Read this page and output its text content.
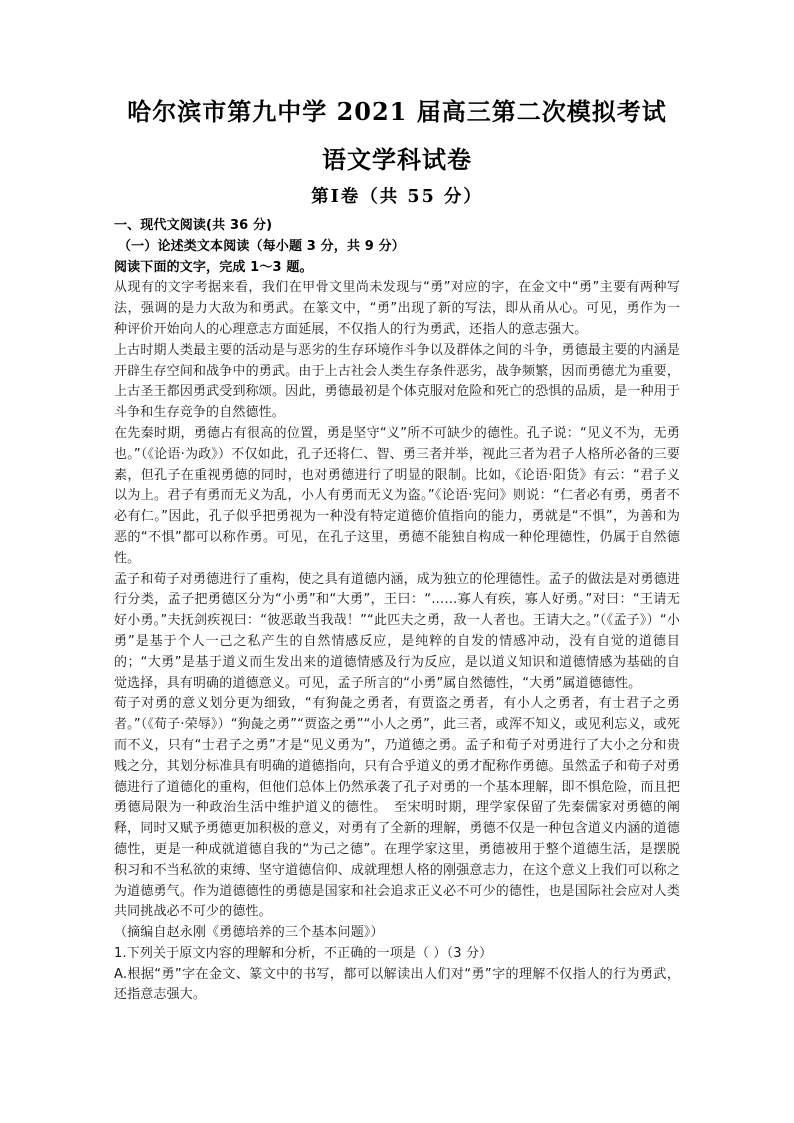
哈尔滨市第九中学 2021 届高三第二次模拟考试
语文学科试卷
第Ⅰ卷（共 55 分）

一、现代文阅读(共 36 分)

（一）论述类文本阅读（每小题 3 分，共 9 分）

阅读下面的文字，完成 1～3 题。

从现有的文字考据来看，我们在甲骨文里尚未发现与“勇”对应的字，在金文中“勇”主要有两种写法，强调的是力大敌为和勇武。在篆文中，“勇”出现了新的写法，即从甬从心。可见，勇作为一种评价开始向人的心理意志方面延展，不仅指人的行为勇武，还指人的意志强大。

上古时期人类最主要的活动是与恶劣的生存环境作斗争以及群体之间的斗争，勇德最主要的内涵是开辟生存空间和战争中的勇武。由于上古社会人类生存条件恶劣，战争频繁，因而勇德尤为重要，上古圣王都因勇武受到称颂。因此，勇德最初是个体克服对危险和死亡的恐惧的品质，是一种用于斗争和生存竞争的自然德性。

在先秦时期，勇德占有很高的位置，勇是坚守“义”所不可缺少的德性。孔子说：“见义不为，无勇也。”（《论语·为政》）不仅如此，孔子还将仁、智、勇三者并举，视此三者为君子人格所必备的三要素，但孔子在重视勇德的同时，也对勇德进行了明显的限制。比如，《论语·阳货》有云：“君子义以为上。君子有勇而无义为乱，小人有勇而无义为盗。”《论语·宪问》则说：“仁者必有勇，勇者不必有仁。”因此，孔子似乎把勇视为一种没有特定道德价值指向的能力，勇就是“不惧”，为善和为恶的“不惧”都可以称作勇。可见，在孔子这里，勇德不能独自构成一种伦理德性，仍属于自然德性。

孟子和荀子对勇德进行了重构，使之具有道德内涵，成为独立的伦理德性。孟子的做法是对勇德进行分类，孟子把勇德区分为“小勇”和“大勇”，王曰：“……寡人有疾，寡人好勇。”对曰：“王请无好小勇。”夫抚剑疾视曰：“彼恶敢当我哉！”“此匹夫之勇，敌一人者也。王请大之。”（《孟子》）“小勇”是基于个人一己之私产生的自然情感反应，是纯粹的自发的情感冲动，没有自觉的道德目的；“大勇”是基于道义而生发出来的道德情感及行为反应，是以道义知识和道德情感为基础的自觉选择，具有明确的道德意义。可见，孟子所言的“小勇”属自然德性，“大勇”属道德德性。

荀子对勇的意义划分更为细致，“有狗彘之勇者，有贾盗之勇者，有小人之勇者，有士君子之勇者。”（《荀子·荣辱》）“狗彘之勇”“贾盗之勇”“小人之勇”，此三者，或浑不知义，或见利忘义，或死而不义，只有“士君子之勇”才是“见义勇为”，乃道德之勇。孟子和荀子对勇进行了大小之分和贵贱之分，其划分标准具有明确的道德指向，只有合乎道义的勇才配称作勇德。虽然孟子和荀子对勇德进行了道德化的重构，但他们总体上仍然承袭了孔子对勇的一个基本理解，即不惧危险，而且把勇德局限为一种政治生活中维护道义的德性。　至宋明时期，理学家保留了先秦儒家对勇德的阐释，同时又赋予勇德更加积极的意义，对勇有了全新的理解，勇德不仅是一种包含道义内涵的道德德性，更是一种成就道德自我的“为己之德”。在理学家这里，勇德被用于整个道德生活，是摆脱积习和不当私欲的束缚、坚守道德信仰、成就理想人格的刚强意志力，在这个意义上我们可以称之为道德勇气。作为道德德性的勇德是国家和社会追求正义必不可少的德性，也是国际社会应对人类共同挑战必不可少的德性。

（摘编自赵永刚《勇德培养的三个基本问题》）

1.下列关于原文内容的理解和分析，不正确的一项是（ ）（3 分）

A.根据“勇”字在金文、篆文中的书写，都可以解读出人们对“勇”字的理解不仅指人的行为勇武，还指意志强大。
